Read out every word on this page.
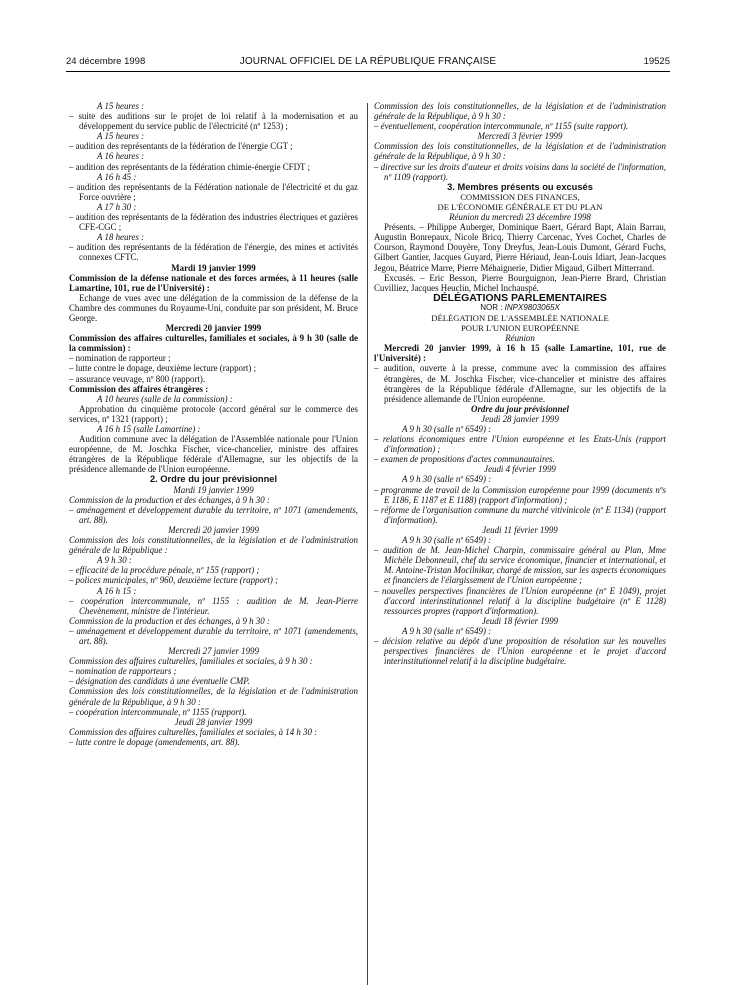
24 décembre 1998	JOURNAL OFFICIEL DE LA RÉPUBLIQUE FRANÇAISE	19525
A 15 heures :
– suite des auditions sur le projet de loi relatif à la modernisation et au développement du service public de l'électricité (nº 1253) ;
A 15 heures :
– audition des représentants de la fédération de l'énergie CGT ;
A 16 heures :
– audition des représentants de la fédération chimie-énergie CFDT ;
A 16 h 45 :
– audition des représentants de la Fédération nationale de l'électricité et du gaz Force ouvrière ;
A 17 h 30 :
– audition des représentants de la fédération des industries électriques et gazières CFE-CGC ;
A 18 heures :
– audition des représentants de la fédération de l'énergie, des mines et activités connexes CFTC.
Mardi 19 janvier 1999
Commission de la défense nationale et des forces armées, à 11 heures (salle Lamartine, 101, rue de l'Université) :
Echange de vues avec une délégation de la commission de la défense de la Chambre des communes du Royaume-Uni, conduite par son président, M. Bruce George.
Mercredi 20 janvier 1999
Commission des affaires culturelles, familiales et sociales, à 9 h 30 (salle de la commission) :
– nomination de rapporteur ;
– lutte contre le dopage, deuxième lecture (rapport) ;
– assurance veuvage, nº 800 (rapport).
Commission des affaires étrangères :
A 10 heures (salle de la commission) :
Approbation du cinquième protocole (accord général sur le commerce des services, nº 1321 (rapport) ;
A 16 h 15 (salle Lamartine) :
Audition commune avec la délégation de l'Assemblée nationale pour l'Union européenne, de M. Joschka Fischer, vice-chancelier, ministre des affaires étrangères de la République fédérale d'Allemagne, sur les objectifs de la présidence allemande de l'Union européenne.
2. Ordre du jour prévisionnel
Mardi 19 janvier 1999
Commission de la production et des échanges, à 9 h 30 :
– aménagement et développement durable du territoire, nº 1071 (amendements, art. 88).
Mercredi 20 janvier 1999
Commission des lois constitutionnelles, de la législation et de l'administration générale de la République :
A 9 h 30 :
– efficacité de la procédure pénale, nº 155 (rapport) ;
– polices municipales, nº 960, deuxième lecture (rapport) ;
A 16 h 15 :
– coopération intercommunale, nº 1155 : audition de M. Jean-Pierre Chevènement, ministre de l'intérieur.
Commission de la production et des échanges, à 9 h 30 :
– aménagement et développement durable du territoire, nº 1071 (amendements, art. 88).
Mercredi 27 janvier 1999
Commission des affaires culturelles, familiales et sociales, à 9 h 30 :
– nomination de rapporteurs ;
– désignation des candidats à une éventuelle CMP.
Commission des lois constitutionnelles, de la législation et de l'administration générale de la République, à 9 h 30 :
– coopération intercommunale, nº 1155 (rapport).
Jeudi 28 janvier 1999
Commission des affaires culturelles, familiales et sociales, à 14 h 30 :
– lutte contre le dopage (amendements, art. 88).
Commission des lois constitutionnelles, de la législation et de l'administration générale de la République, à 9 h 30 :
– éventuellement, coopération intercommunale, nº 1155 (suite rapport).
Mercredi 3 février 1999
Commission des lois constitutionnelles, de la législation et de l'administration générale de la République, à 9 h 30 :
– directive sur les droits d'auteur et droits voisins dans la société de l'information, nº 1109 (rapport).
3. Membres présents ou excusés
COMMISSION DES FINANCES,
DE L'ÉCONOMIE GÉNÉRALE ET DU PLAN
Réunion du mercredi 23 décembre 1998
Présents. – Philippe Auberger, Dominique Baert, Gérard Bapt, Alain Barrau, Augustin Bonrepaux, Nicole Bricq, Thierry Carcenac, Yves Cochet, Charles de Courson, Raymond Douyère, Tony Dreyfus, Jean-Louis Dumont, Gérard Fuchs, Gilbert Gantier, Jacques Guyard, Pierre Hériaud, Jean-Louis Idiart, Jean-Jacques Jegou, Béatrice Marre, Pierre Méhaignerie, Didier Migaud, Gilbert Mitterrand.
Excusés. – Eric Besson, Pierre Bourguignon, Jean-Pierre Brard, Christian Cuvilliez, Jacques Heuclin, Michel Inchauspé.
DÉLÉGATIONS PARLEMENTAIRES
NOR : INPX9803065X
DÉLÉGATION DE L'ASSEMBLÉE NATIONALE
POUR L'UNION EUROPÉENNE
Réunion
Mercredi 20 janvier 1999, à 16 h 15 (salle Lamartine, 101, rue de l'Université) :
– audition, ouverte à la presse, commune avec la commission des affaires étrangères, de M. Joschka Fischer, vice-chancelier et ministre des affaires étrangères de la République fédérale d'Allemagne, sur les objectifs de la présidence allemande de l'Union européenne.
Ordre du jour prévisionnel
Jeudi 28 janvier 1999
A 9 h 30 (salle nº 6549) :
– relations économiques entre l'Union européenne et les Etats-Unis (rapport d'information) ;
– examen de propositions d'actes communautaires.
Jeudi 4 février 1999
A 9 h 30 (salle nº 6549) :
– programme de travail de la Commission européenne pour 1999 (documents nºs E 1186, E 1187 et E 1188) (rapport d'information) ;
– réforme de l'organisation commune du marché vitivinicole (nº E 1134) (rapport d'information).
Jeudi 11 février 1999
A 9 h 30 (salle nº 6549) :
– audition de M. Jean-Michel Charpin, commissaire général au Plan, Mme Michèle Debonneuil, chef du service économique, financier et international, et M. Antoine-Tristan Mocilnikar, chargé de mission, sur les aspects économiques et financiers de l'élargissement de l'Union européenne ;
– nouvelles perspectives financières de l'Union européenne (nº E 1049), projet d'accord interinstitutionnel relatif à la discipline budgétaire (nº E 1128) ressources propres (rapport d'information).
Jeudi 18 février 1999
A 9 h 30 (salle nº 6549) :
– décision relative au dépôt d'une proposition de résolution sur les nouvelles perspectives financières de l'Union européenne et le projet d'accord interinstitutionnel relatif à la discipline budgétaire.
